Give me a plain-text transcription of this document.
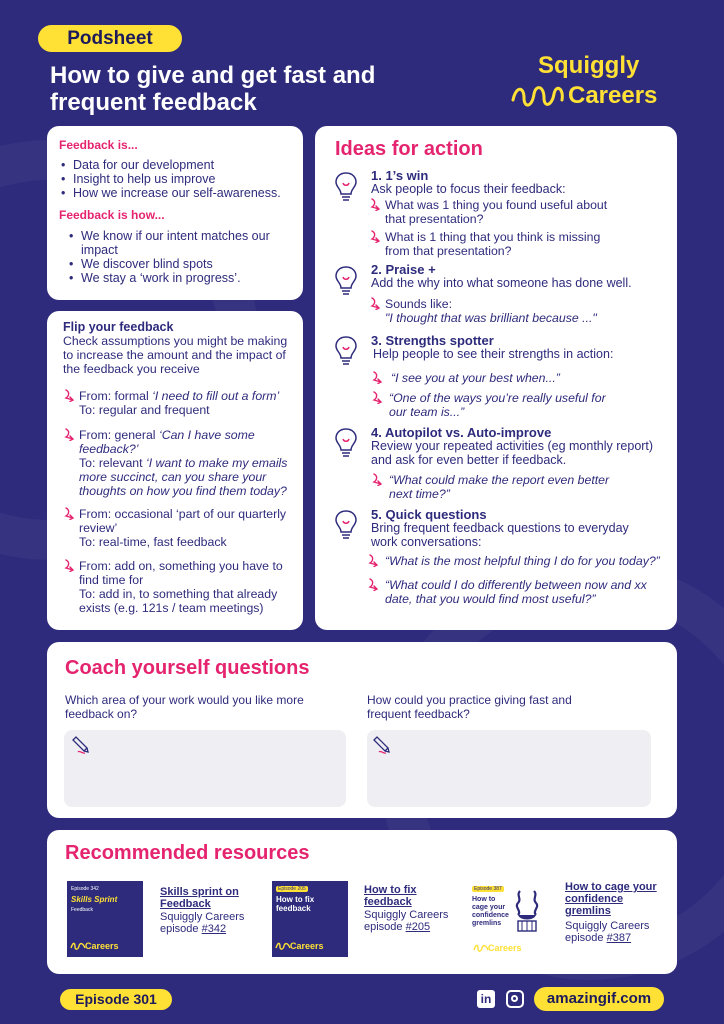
Podsheet
How to give and get fast and
frequent feedback
Squiggly
Careers
Feedback is...
• Data for our development
• Insight to help us improve
• How we increase our self-awareness.
Feedback is how...
• We know if our intent matches our
impact
• We discover blind spots
• We stay a ‘work in progress’.
Flip your feedback
Check assumptions you might be making to increase the amount and the impact of the feedback you receive
From: formal ‘I need to fill out a form’
To: regular and frequent
From: general ‘Can I have some feedback?’
To: relevant ‘I want to make my emails more succinct, can you share your thoughts on how you find them today?
From: occasional ‘part of our quarterly review’
To: real-time, fast feedback
From: add on, something you have to find time for
To: add in, to something that already exists (e.g. 121s / team meetings)
Ideas for action
1. 1’s win
Ask people to focus their feedback:
What was 1 thing you found useful about that presentation?
What is 1 thing that you think is missing from that presentation?
2. Praise +
Add the why into what someone has done well.
Sounds like:
"I thought that was brilliant because ..."
3. Strengths spotter
Help people to see their strengths in action:
“I see you at your best when...”
“One of the ways you’re really useful for our team is...”
4. Autopilot vs. Auto-improve
Review your repeated activities (eg monthly report) and ask for even better if feedback.
“What could make the report even better next time?”
5. Quick questions
Bring frequent feedback questions to everyday work conversations:
“What is the most helpful thing I do for you today?”
“What could I do differently between now and xx date, that you would find most useful?”
Coach yourself questions
Which area of your work would you like more feedback on?
How could you practice giving fast and frequent feedback?
Recommended resources
Episode 342
Skills Sprint
Feedback
Careers
Skills sprint on Feedback
Squiggly Careers
episode #342
Episode 205
How to fix feedback
Careers
How to fix feedback
Squiggly Careers
episode #205
Episode 387
How to cage your confidence gremlins
Careers
How to cage your confidence gremlins
Squiggly Careers
episode #387
Episode 301	in	amazingif.com
